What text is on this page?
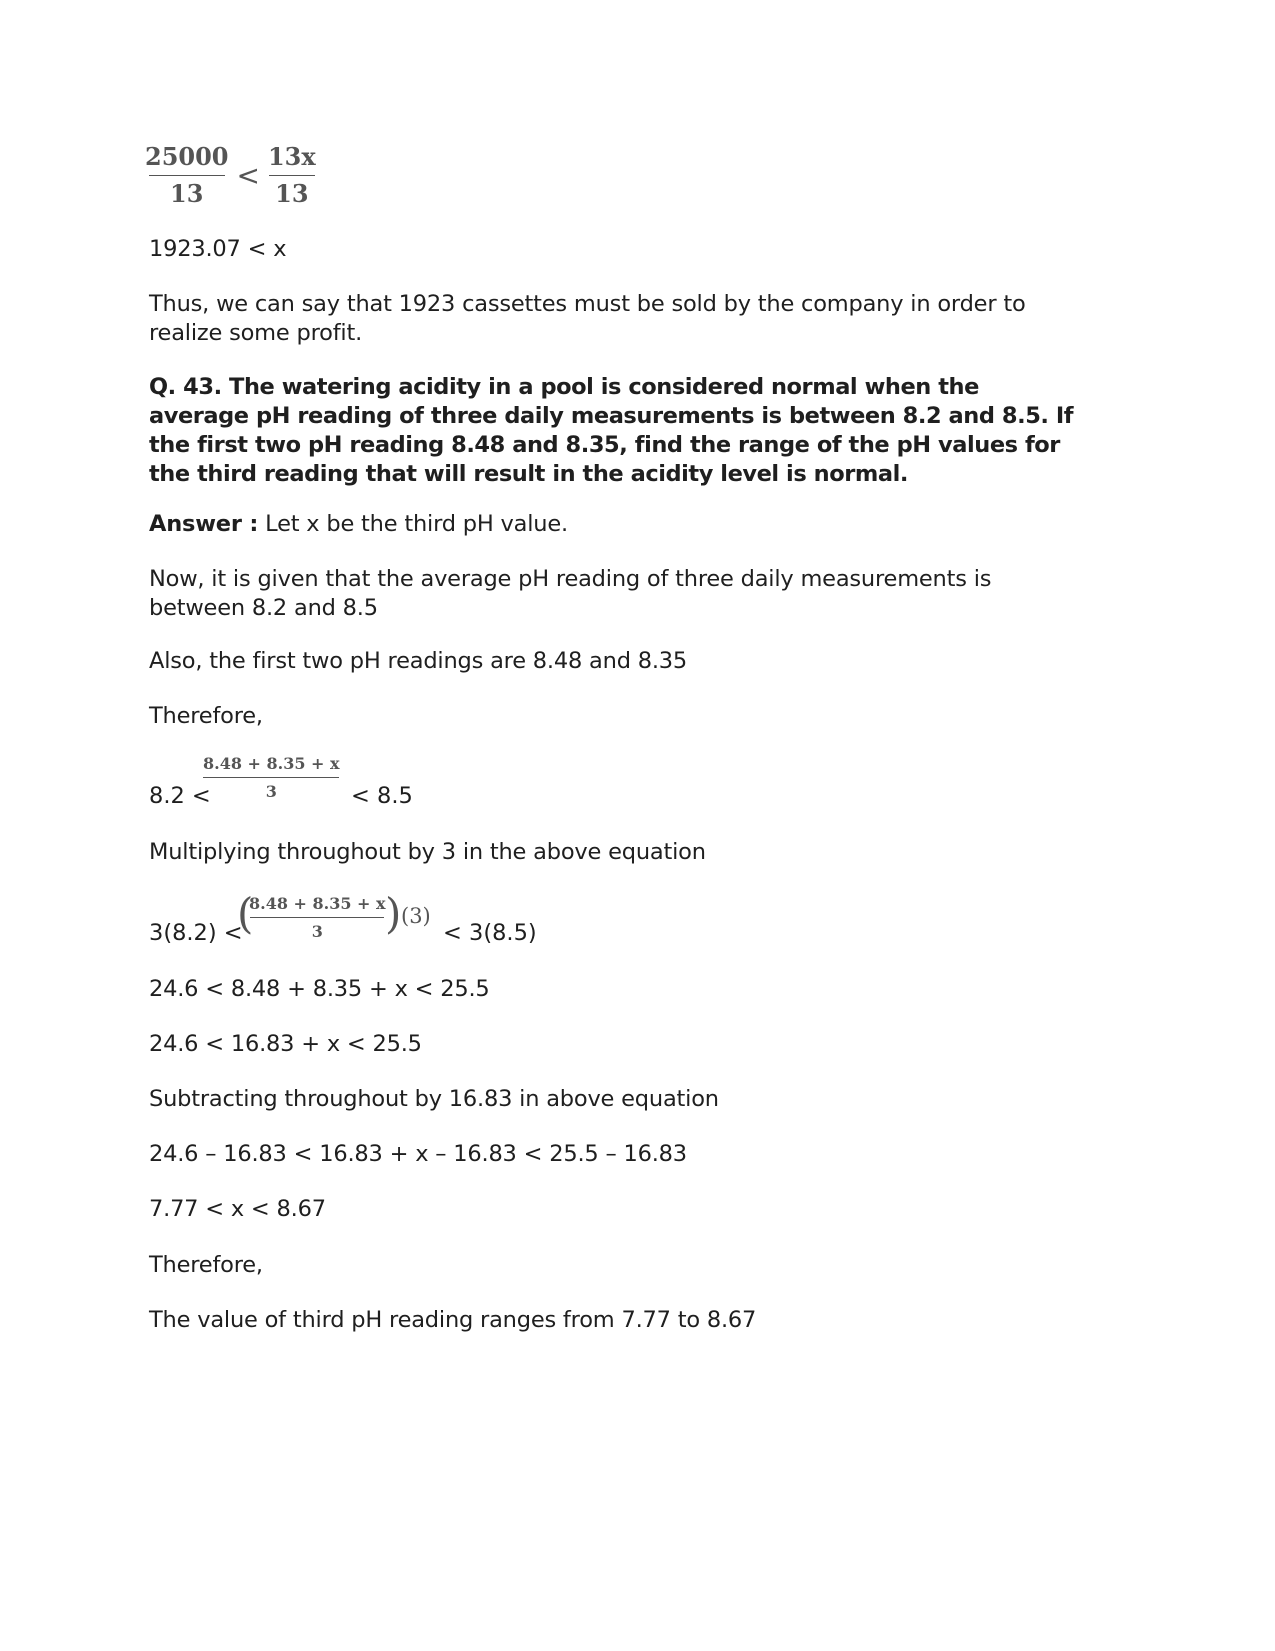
$\frac{25000}{13} < \frac{13x}{13}$

1923.07 < x

Thus, we can say that 1923 cassettes must be sold by the company in order to realize some profit.

Q. 43. The watering acidity in a pool is considered normal when the average pH reading of three daily measurements is between 8.2 and 8.5. If the first two pH reading 8.48 and 8.35, find the range of the pH values for the third reading that will result in the acidity level is normal.

Answer : Let x be the third pH value.

Now, it is given that the average pH reading of three daily measurements is between 8.2 and 8.5

Also, the first two pH readings are 8.48 and 8.35

Therefore,

8.2 <
8.48 + 8.35 + x
3	< 8.5

Multiplying throughout by 3 in the above equation

3(8.2) <
(
8.48 + 8.35 + x
3 ) (3)
< 3(8.5)

24.6 < 8.48 + 8.35 + x < 25.5

24.6 < 16.83 + x < 25.5

Subtracting throughout by 16.83 in above equation

24.6 – 16.83 < 16.83 + x – 16.83 < 25.5 – 16.83

7.77 < x < 8.67

Therefore,

The value of third pH reading ranges from 7.77 to 8.67
